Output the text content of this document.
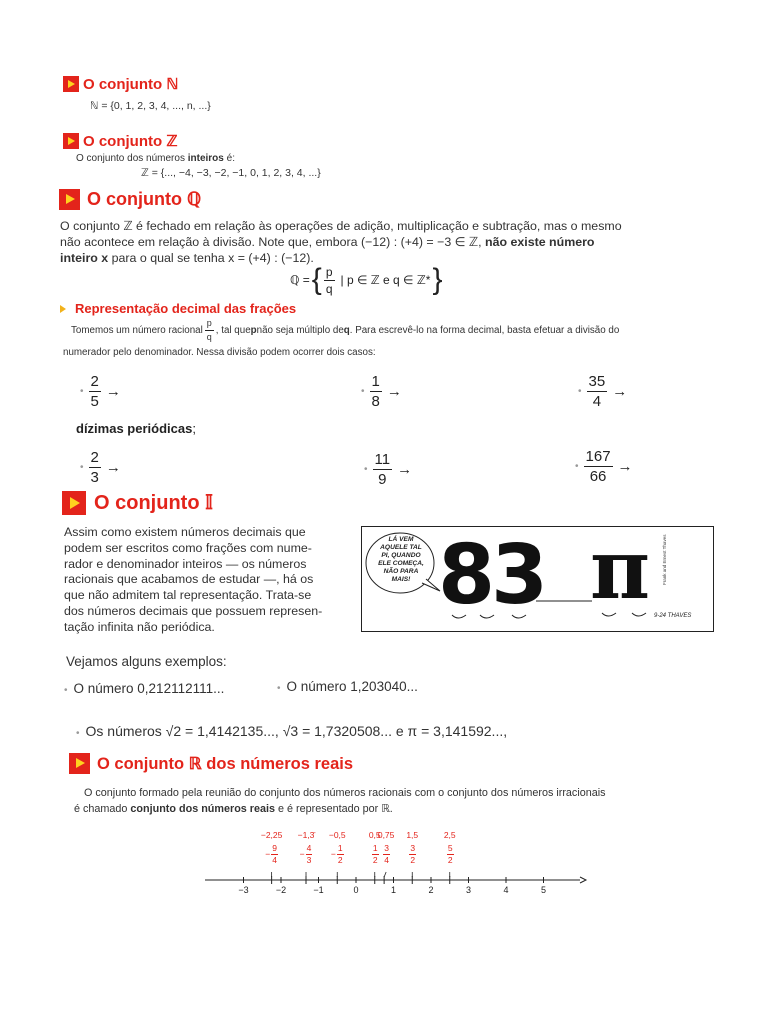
O conjunto ℕ
ℕ = {0, 1, 2, 3, 4, ..., n, ...}
O conjunto ℤ
O conjunto dos números inteiros é:
ℤ = {..., −4, −3, −2, −1, 0, 1, 2, 3, 4, ...}
O conjunto ℚ
O conjunto ℤ é fechado em relação às operações de adição, multiplicação e subtração, mas o mesmo
não acontece em relação à divisão. Note que, embora (−12) : (+4) = −3 ∈ ℤ, não existe número
inteiro x para o qual se tenha x = (+4) : (−12).
ℚ = { $\frac{p}{q}$ | p ∈ ℤ e q ∈ ℤ* }
Representação decimal das frações
Tomemos um número racional $\frac{p}{q}$ , tal que p não seja múltiplo de q . Para escrevê-lo na forma decimal, basta efetuar a divisão do
numerador pelo denominador. Nessa divisão podem ocorrer dois casos:
• $\frac{2}{5}$ →	• $\frac{1}{8}$ →	• $\frac{35}{4}$ →
dízimas periódicas;
• $\frac{2}{3}$ →	• $\frac{11}{9}$ →	• $\frac{167}{66}$ →
O conjunto 𝕀
Assim como existem números decimais que
podem ser escritos como frações com nume-
rador e denominador inteiros — os números
racionais que acabamos de estudar —, há os
que não admitem tal representação. Trata-se
dos números decimais que possuem represen-
tação infinita não periódica.
LÁ VEM
AQUELE TAL
PI, QUANDO
ELE COMEÇA,
NÃO PARA
MAIS! 83 π 9-24 THAVES
Frank and Ernest Thaves
Vejamos alguns exemplos:
• O número 0,212112111...	• O número 1,203040...
• Os números √2 = 1,4142135..., √3 = 1,7320508... e π = 3,141592...,
O conjunto ℝ dos números reais
O conjunto formado pela reunião do conjunto dos números racionais com o conjunto dos números irracionais
é chamado conjunto dos números reais e é representado por ℝ.
−3	−2	−1	0	1	2	3	4	5
−2,25
− $\frac{9}{4}$
−1,3̄
− $\frac{4}{3}$
−0,5
− $\frac{1}{2}$
0,5
$\frac{1}{2}$
0,75
$\frac{3}{4}$
1,5
$\frac{3}{2}$
2,5
$\frac{5}{2}$
